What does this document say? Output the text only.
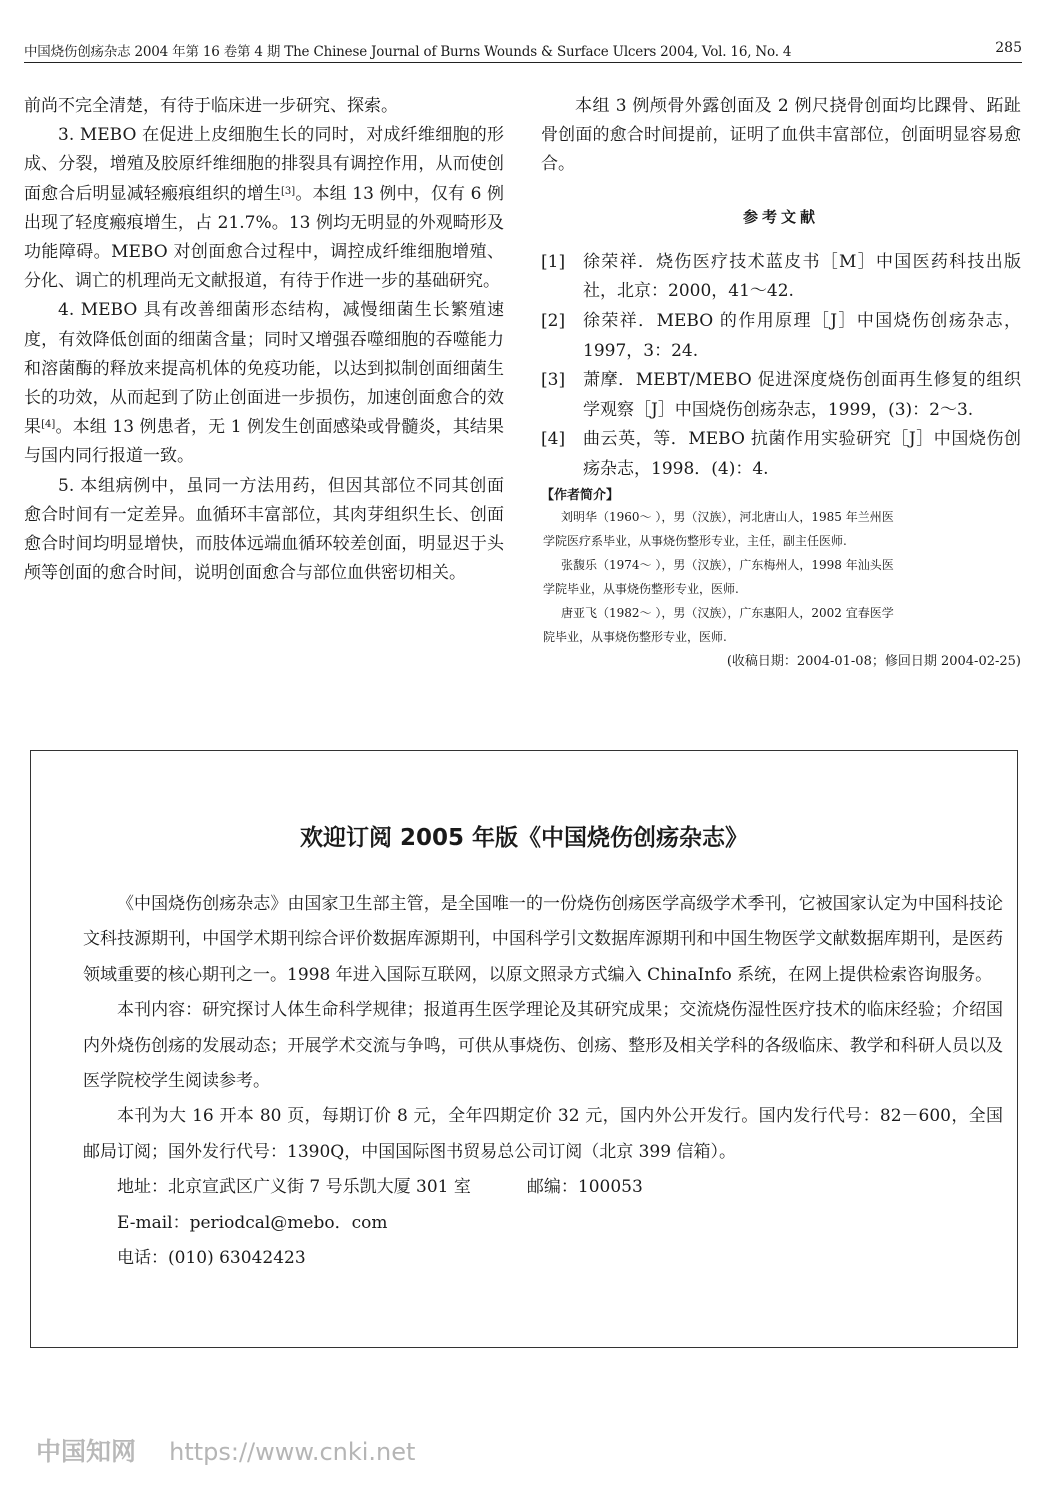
中国烧伤创疡杂志 2004 年第 16 卷第 4 期 The Chinese Journal of Burns Wounds & Surface Ulcers 2004, Vol. 16, No. 4	285

前尚不完全清楚，有待于临床进一步研究、探索。

3. MEBO 在促进上皮细胞生长的同时，对成纤维细胞的形成、分裂，增殖及胶原纤维细胞的排裂具有调控作用，从而使创面愈合后明显减轻瘢痕组织的增生[3]。本组 13 例中，仅有 6 例出现了轻度瘢痕增生，占 21.7%。13 例均无明显的外观畸形及功能障碍。MEBO 对创面愈合过程中，调控成纤维细胞增殖、分化、调亡的机理尚无文献报道，有待于作进一步的基础研究。

4. MEBO 具有改善细菌形态结构，减慢细菌生长繁殖速度，有效降低创面的细菌含量；同时又增强吞噬细胞的吞噬能力和溶菌酶的释放来提高机体的免疫功能，以达到拟制创面细菌生长的功效，从而起到了防止创面进一步损伤，加速创面愈合的效果[4]。本组 13 例患者，无 1 例发生创面感染或骨髓炎，其结果与国内同行报道一致。

5. 本组病例中，虽同一方法用药，但因其部位不同其创面愈合时间有一定差异。血循环丰富部位，其肉芽组织生长、创面愈合时间均明显增快，而肢体远端血循环较差创面，明显迟于头颅等创面的愈合时间，说明创面愈合与部位血供密切相关。

本组 3 例颅骨外露创面及 2 例尺挠骨创面均比踝骨、跖趾骨创面的愈合时间提前，证明了血供丰富部位，创面明显容易愈合。

参考文献
[1]	徐荣祥．烧伤医疗技术蓝皮书［M］中国医药科技出版社，北京：2000，41～42.
[2]	徐荣祥．MEBO 的作用原理［J］中国烧伤创疡杂志，1997，3：24.
[3]	萧摩．MEBT/MEBO 促进深度烧伤创面再生修复的组织学观察［J］中国烧伤创疡杂志，1999，(3)：2～3.
[4]	曲云英，等．MEBO 抗菌作用实验研究［J］中国烧伤创疡杂志，1998．(4)：4.
【作者简介】
刘明华（1960～ ），男（汉族），河北唐山人，1985 年兰州医
学院医疗系毕业，从事烧伤整形专业，主任，副主任医师.
张馥乐（1974～ ），男（汉族），广东梅州人，1998 年汕头医
学院毕业，从事烧伤整形专业，医师.
唐亚飞（1982～ ），男（汉族），广东惠阳人，2002 宜春医学
院毕业，从事烧伤整形专业，医师.
(收稿日期：2004-01-08；修回日期 2004-02-25)
欢迎订阅 2005 年版《中国烧伤创疡杂志》

《中国烧伤创疡杂志》由国家卫生部主管，是全国唯一的一份烧伤创疡医学高级学术季刊，它被国家认定为中国科技论文科技源期刊，中国学术期刊综合评价数据库源期刊，中国科学引文数据库源期刊和中国生物医学文献数据库期刊，是医药领域重要的核心期刊之一。1998 年进入国际互联网，以原文照录方式编入 ChinaInfo 系统，在网上提供检索咨询服务。

本刊内容：研究探讨人体生命科学规律；报道再生医学理论及其研究成果；交流烧伤湿性医疗技术的临床经验；介绍国内外烧伤创疡的发展动态；开展学术交流与争鸣，可供从事烧伤、创疡、整形及相关学科的各级临床、教学和科研人员以及医学院校学生阅读参考。

本刊为大 16 开本 80 页，每期订价 8 元，全年四期定价 32 元，国内外公开发行。国内发行代号：82－600，全国邮局订阅；国外发行代号：1390Q，中国国际图书贸易总公司订阅（北京 399 信箱）。

地址：北京宣武区广义街 7 号乐凯大厦 301 室	邮编：100053
E-mail：periodcal@mebo．com
电话：(010) 63042423
中国知网 https://www.cnki.net
